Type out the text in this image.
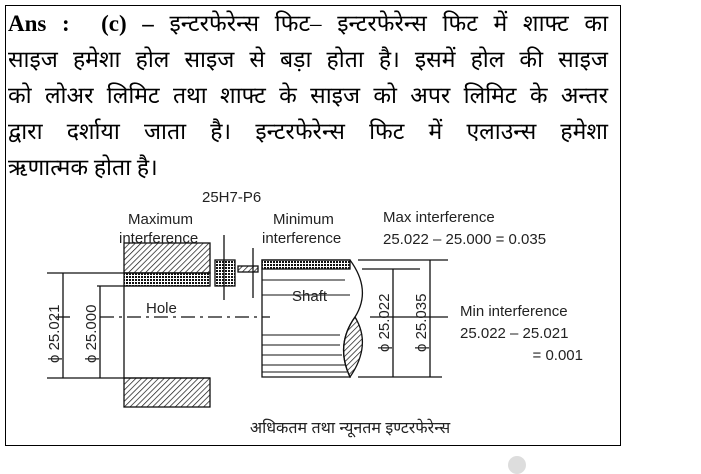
Ans : (c) – इन्टरफेरेन्स फिट– इन्टरफेरेन्स फिट में शाफ्ट का
साइज हमेशा होल साइज से बड़ा होता है। इसमें होल की साइज
को लोअर लिमिट तथा शाफ्ट के साइज को अपर लिमिट के अन्तर
द्वारा दर्शाया जाता है। इन्टरफेरेन्स फिट में एलाउन्स हमेशा
ऋणात्मक होता है।
25H7-P6
Maximum
interference
Minimum
interference
Max interference
25.022 – 25.000 = 0.035
Min interference
25.022 – 25.021
= 0.001
Hole
Shaft
ϕ 25.021 ϕ 25.000	ϕ 25.022 ϕ 25.035
अधिकतम तथा न्यूनतम इण्टरफेरेन्स
